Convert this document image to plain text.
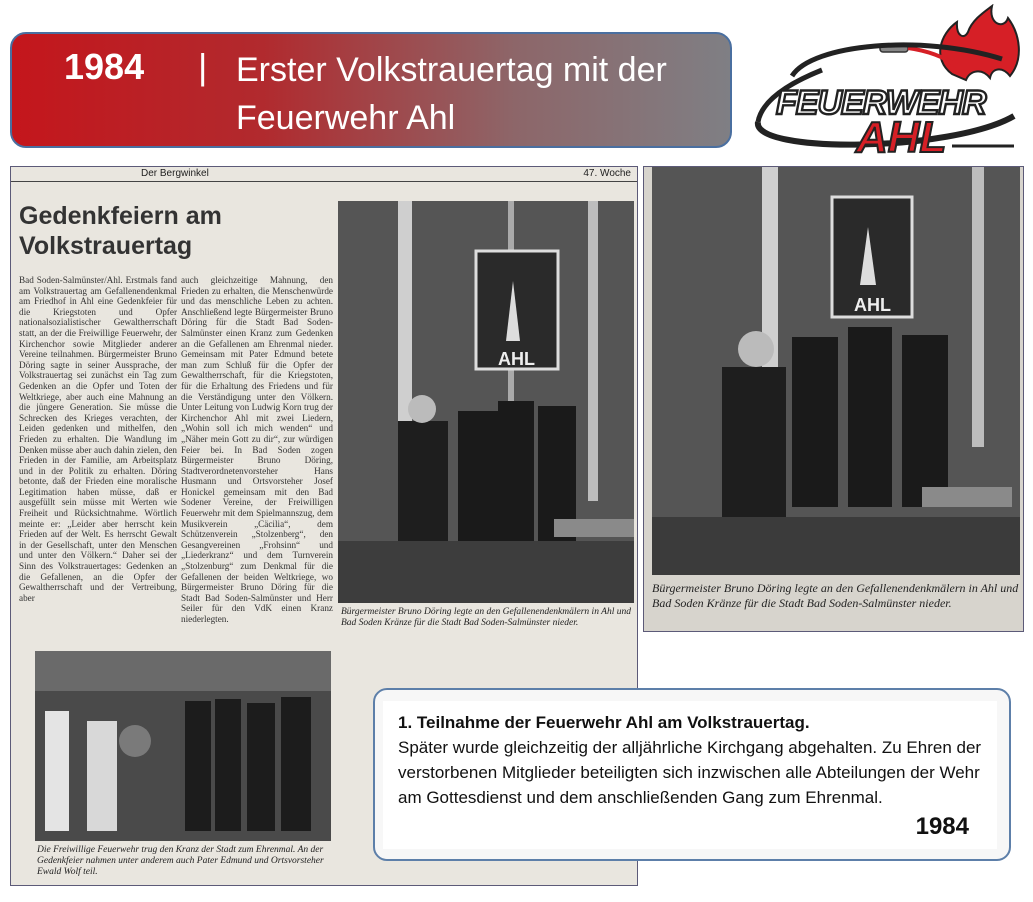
1984 | Erster Volkstrauertag mit der Feuerwehr Ahl	FEUERWEHR
AHL
Der Bergwinkel	47. Woche
Gedenkfeiern am Volkstrauertag
Bad Soden-Salmünster/Ahl. Erstmals fand am Volkstrauertag am Gefallenendenkmal am Friedhof in Ahl eine Gedenkfeier für die Kriegstoten und Opfer nationalsozialistischer Gewaltherrschaft statt, an der die Freiwillige Feuerwehr, der Kirchenchor sowie Mitglieder anderer Vereine teilnahmen. Bürgermeister Bruno Döring sagte in seiner Aussprache, der Volkstrauertag sei zunächst ein Tag zum Gedenken an die Opfer und Toten der Weltkriege, aber auch eine Mahnung an die jüngere Generation. Sie müsse die Schrecken des Krieges verachten, der Leiden gedenken und mithelfen, den Frieden zu erhalten. Die Wandlung im Denken müsse aber auch dahin zielen, den Frieden in der Familie, am Arbeitsplatz und in der Politik zu erhalten. Döring betonte, daß der Frieden eine moralische Legitimation haben müsse, daß er ausgefüllt sein müsse mit Werten wie Freiheit und Rücksichtnahme. Wörtlich meinte er: „Leider aber herrscht kein Frieden auf der Welt. Es herrscht Gewalt in der Gesellschaft, unter den Menschen und unter den Völkern.“ Daher sei der Sinn des Volkstrauertages: Gedenken an die Gefallenen, an die Opfer der Gewaltherrschaft und der Vertreibung, aber
auch gleichzeitige Mahnung, den Frieden zu erhalten, die Menschenwürde und das menschliche Leben zu achten. Anschließend legte Bürgermeister Bruno Döring für die Stadt Bad Soden-Salmünster einen Kranz zum Gedenken an die Gefallenen am Ehrenmal nieder. Gemeinsam mit Pater Edmund betete man zum Schluß für die Opfer der Gewaltherrschaft, für die Kriegstoten, für die Erhaltung des Friedens und für die Verständigung unter den Völkern. Unter Leitung von Ludwig Korn trug der Kirchenchor Ahl mit zwei Liedern, „Wohin soll ich mich wenden“ und „Näher mein Gott zu dir“, zur würdigen Feier bei. In Bad Soden zogen Bürgermeister Bruno Döring, Stadtverordnetenvorsteher Hans Husmann und Ortsvorsteher Josef Honickel gemeinsam mit den Bad Sodener Vereine, der Freiwilligen Feuerwehr mit dem Spielmannszug, dem Musikverein „Cäcilia“, dem Schützenverein „Stolzenberg“, den Gesangvereinen „Frohsinn“ und „Liederkranz“ und dem Turnverein „Stolzenburg“ zum Denkmal für die Gefallenen der beiden Weltkriege, wo Bürgermeister Bruno Döring für die Stadt Bad Soden-Salmünster und Herr Seiler für den VdK einen Kranz niederlegten.
AHL
Bürgermeister Bruno Döring legte an den Gefallenendenkmälern in Ahl und Bad Soden Kränze für die Stadt Bad Soden-Salmünster nieder.
Die Freiwillige Feuerwehr trug den Kranz der Stadt zum Ehrenmal. An der Gedenkfeier nahmen unter anderem auch Pater Edmund und Ortsvorsteher Ewald Wolf teil.
AHL
Bürgermeister Bruno Döring legte an den Gefallenendenkmälern in Ahl und Bad Soden Kränze für die Stadt Bad Soden-Salmünster nieder.
1. Teilnahme der Feuerwehr Ahl am Volkstrauertag.
Später wurde gleichzeitig der alljährliche Kirchgang abgehalten. Zu Ehren der verstorbenen Mitglieder beteiligten sich inzwischen alle Abteilungen der Wehr am Gottesdienst und dem anschließenden Gang zum Ehrenmal.
1984
